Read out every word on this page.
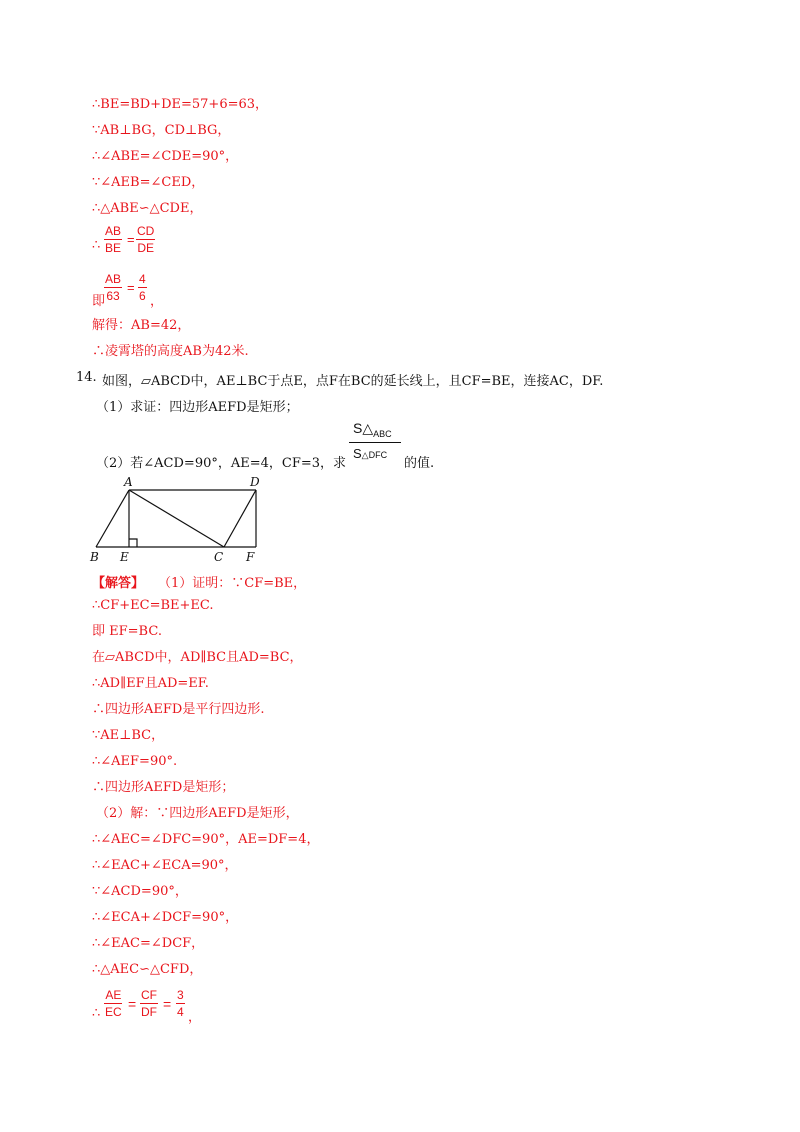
∴BE=BD+DE=57+6=63，
∵AB⊥BG，CD⊥BG，
∴∠ABE=∠CDE=90°，
∵∠AEB=∠CED，
∴△ABE∽△CDE，
∴ $\frac{AB}{BE} = \frac{CD}{DE}$
即
$\frac{AB}{63} = \frac{4}{6}$ ，
解得：AB=42，
∴凌霄塔的高度AB为42米.
14. 如图，▱ABCD中，AE⊥BC于点E，点F在BC的延长线上，且CF=BE，连接AC，DF.
（1）求证：四边形AEFD是矩形；
（2）若∠ACD=90°，AE=4，CF=3，求
$S\triangle_{ABC}$
S△DFC
的值.
A	D
B E	C F
【解答】 （1）证明：∵CF=BE，
∴CF+EC=BE+EC.
即 EF=BC.
在▱ABCD中，AD∥BC且AD=BC，
∴AD∥EF且AD=EF.
∴四边形AEFD是平行四边形.
∵AE⊥BC，
∴∠AEF=90°.
∴四边形AEFD是矩形；
（2）解：∵四边形AEFD是矩形，
∴∠AEC=∠DFC=90°，AE=DF=4，
∴∠EAC+∠ECA=90°，
∵∠ACD=90°，
∴∠ECA+∠DCF=90°，
∴∠EAC=∠DCF，
∴△AEC∽△CFD，
∴ $\frac{AE}{EC} = \frac{CF}{DF} = \frac{3}{4}$ ，
